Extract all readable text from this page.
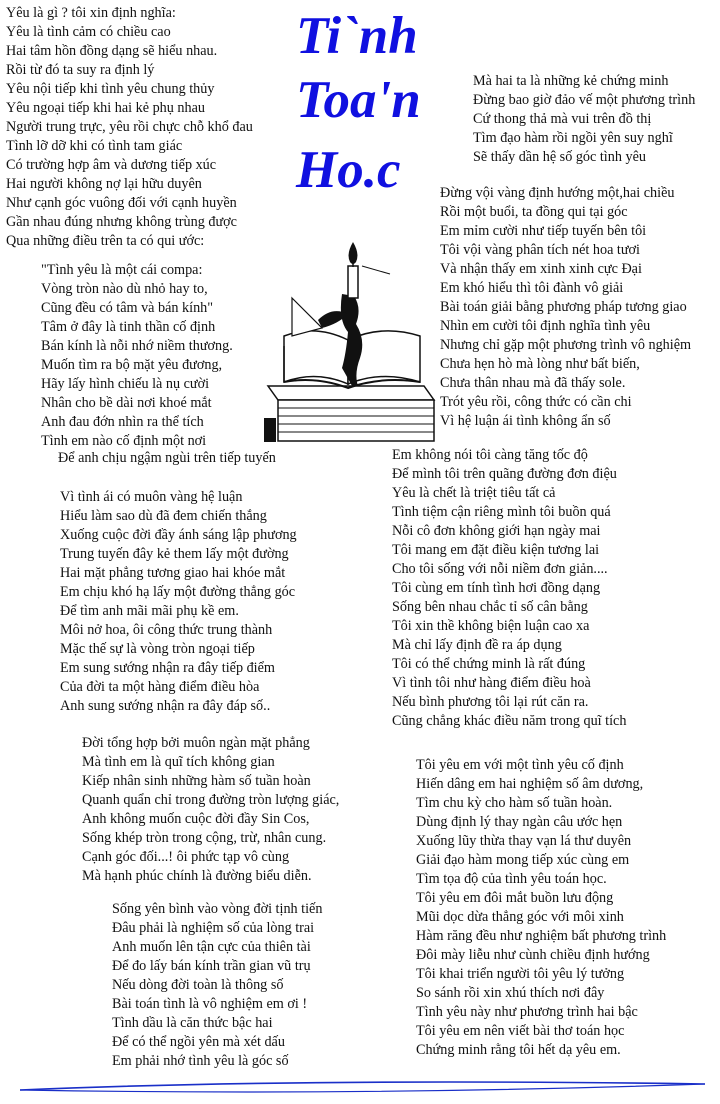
Ti`nh
Toa'n
Ho.c
Yêu là gì ? tôi xin định nghĩa:
Yêu là tình cảm có chiều cao
Hai tâm hồn đồng dạng sẽ hiểu nhau.
Rồi từ đó ta suy ra định lý
Yêu nội tiếp khi tình yêu chung thủy
Yêu ngoại tiếp khi hai kẻ phụ nhau
Người trung trực, yêu rồi chực chỗ khổ đau
Tình lỡ dỡ khi có tình tam giác
Có trường hợp âm và dương tiếp xúc
Hai người không nợ lại hữu duyên
Như cạnh góc vuông đối với cạnh huyền
Gần nhau đúng nhưng không trùng được
Qua những điều trên ta có qui ước:
Mà hai ta là những kẻ chứng minh
Đừng bao giờ đảo vế một phương trình
Cứ thong thả mà vui trên đồ thị
Tìm đạo hàm rồi ngồi yên suy nghĩ
Sẽ thấy dần hệ số góc tình yêu
Đừng vội vàng định hướng một,hai chiều
Rồi một buổi, ta đồng qui tại góc
Em mỉm cười như tiếp tuyến bên tôi
Tôi vội vàng phân tích nét hoa tươi
Và nhận thấy em xinh xinh cực Đại
Em khó hiểu thì tôi đành vô giải
Bài toán giải bằng phương pháp tương giao
Nhìn em cười tôi định nghĩa tình yêu
Nhưng chỉ gặp một phương trình vô nghiệm
Chưa hẹn hò mà lòng như bất biến,
Chưa thân nhau mà đã thấy sole.
Trót yêu rồi, công thức có cần chi
Vì hệ luận ái tình không ẩn số
"Tình yêu là một cái compa:
Vòng tròn nào dù nhỏ hay to,
Cũng đều có tâm và bán kính"
Tâm ở đây là tinh thần cố định
Bán kính là nỗi nhớ niềm thương.
Muốn tìm ra bộ mặt yêu đương,
Hãy lấy hình chiếu là nụ cười
Nhân cho bề dài nơi khoé mắt
Anh đau đớn nhìn ra thể tích
Tình em nào cố định một nơi
Để anh chịu ngậm ngùi trên tiếp tuyến	Em không nói tôi càng tăng tốc độ
Để mình tôi trên quãng đường đơn điệu
Yêu là chết là triệt tiêu tất cả
Tình tiệm cận riêng mình tôi buồn quá
Nỗi cô đơn không giới hạn ngày mai
Tôi mang em đặt điều kiện tương lai
Cho tôi sống với nỗi niềm đơn giản....
Tôi cùng em tính tình hơi đồng dạng
Sống bên nhau chắc tỉ số cân bằng
Tôi xin thề không biện luận cao xa
Mà chỉ lấy định đề ra áp dụng
Tôi có thể chứng minh là rất đúng
Vì tình tôi như hàng điểm điều hoà
Nếu bình phương tôi lại rút căn ra.
Cũng chẳng khác điều năm trong quĩ tích
Vì tình ái có muôn vàng hệ luận
Hiểu làm sao dù đã đem chiến thắng
Xuống cuộc đời đầy ánh sáng lập phương
Trung tuyến đây kẻ them lấy một đường
Hai mặt phẳng tương giao hai khóe mắt
Em chịu khó hạ lấy một đường thẳng góc
Để tìm anh mãi mãi phụ kề em.
Môi nở hoa, ôi công thức trung thành
Mặc thế sự là vòng tròn ngoại tiếp
Em sung sướng nhận ra đây tiếp điểm
Của đời ta một hàng điểm điều hòa
Anh sung sướng nhận ra đây đáp số..
Đời tổng hợp bởi muôn ngàn mặt phẳng
Mà tình em là quĩ tích không gian
Kiếp nhân sinh những hàm số tuần hoàn
Quanh quẩn chỉ trong đường tròn lượng giác,
Anh không muốn cuộc đời đầy Sin Cos,
Sống khép tròn trong cộng, trừ, nhân cung.
Cạnh góc đối...! ôi phức tạp vô cùng
Mà hạnh phúc chính là đường biểu diễn.
Tôi yêu em với một tình yêu cố định
Hiến dâng em hai nghiệm số âm dương,
Tìm chu kỳ cho hàm số tuần hoàn.
Dùng định lý thay ngàn câu ước hẹn
Xuống lũy thừa thay vạn lá thư duyên
Giải đạo hàm mong tiếp xúc cùng em
Tìm tọa độ của tình yêu toán học.
Tôi yêu em đôi mắt buồn lưu động
Mũi dọc dừa thẳng góc với môi xinh
Hàm răng đều như nghiệm bất phương trình
Đôi mày liễu như cùnh chiều định hướng
Tôi khai triển người tôi yêu lý tưởng
So sánh rồi xin xhú thích nơi đây
Tình yêu này như phương trình hai bậc
Tôi yêu em nên viết bài thơ toán học
Chứng minh rằng tôi hết dạ yêu em.
Sống yên bình vào vòng đời tịnh tiến
Đâu phải là nghiệm số của lòng trai
Anh muốn lên tận cực của thiên tài
Để đo lấy bán kính trần gian vũ trụ
Nếu dòng đời toàn là thông số
Bài toán tình là vô nghiệm em ơi !
Tình dầu là căn thức bậc hai
Để có thể ngồi yên mà xét dấu
Em phải nhớ tình yêu là góc số
